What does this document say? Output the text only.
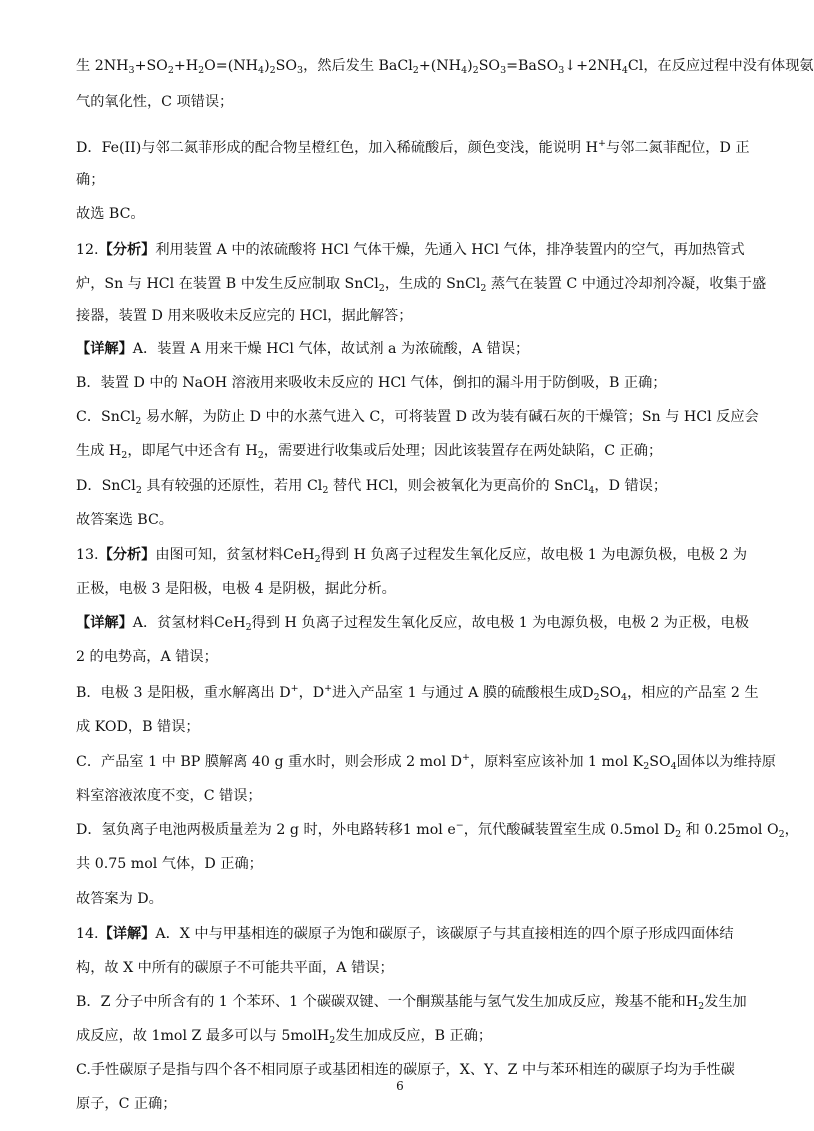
生 $2NH_3+SO_2+H_2O=(NH_4)_2SO_3$，然后发生 $BaCl_2+(NH_4)_2SO_3=BaSO_3↓+2NH_4Cl$，在反应过程中没有体现氨
气的氧化性，C 项错误；
D．Fe(II)与邻二氮菲形成的配合物呈橙红色，加入稀硫酸后，颜色变浅，能说明 H+与邻二氮菲配位，D 正
确；
故选 BC。
12.【分析】利用装置 A 中的浓硫酸将 HCl 气体干燥，先通入 HCl 气体，排净装置内的空气，再加热管式
炉，Sn 与 HCl 在装置 B 中发生反应制取 SnCl$_2$，生成的 SnCl$_2$ 蒸气在装置 C 中通过冷却剂冷凝，收集于盛
接器，装置 D 用来吸收未反应完的 HCl，据此解答；
【详解】A．装置 A 用来干燥 HCl 气体，故试剂 a 为浓硫酸，A 错误；
B．装置 D 中的 NaOH 溶液用来吸收未反应的 HCl 气体，倒扣的漏斗用于防倒吸，B 正确；
C．SnCl$_2$ 易水解，为防止 D 中的水蒸气进入 C，可将装置 D 改为装有碱石灰的干燥管；Sn 与 HCl 反应会
生成 $H_2$，即尾气中还含有 $H_2$，需要进行收集或后处理；因此该装置存在两处缺陷，C 正确；
D．SnCl$_2$ 具有较强的还原性，若用 $Cl_2$ 替代 HCl，则会被氧化为更高价的 SnCl$_4$，D 错误；
故答案选 BC。
13.【分析】由图可知，贫氢材料CeH$_2$得到 H 负离子过程发生氧化反应，故电极 1 为电源负极，电极 2 为
正极，电极 3 是阳极，电极 4 是阴极，据此分析。
【详解】A．贫氢材料CeH$_2$得到 H 负离子过程发生氧化反应，故电极 1 为电源负极，电极 2 为正极，电极
2 的电势高，A 错误；
B．电极 3 是阳极，重水解离出 D+，D+进入产品室 1 与通过 A 膜的硫酸根生成$D_2SO_4$，相应的产品室 2 生
成 KOD，B 错误；
C．产品室 1 中 BP 膜解离 40 g 重水时，则会形成 2 mol D+，原料室应该补加 1 mol $K_2SO_4$固体以为维持原
料室溶液浓度不变，C 错误；
D．氢负离子电池两极质量差为 2 g 时，外电路转移1 mol e−，氘代酸碱装置室生成 0.5mol $D_2$ 和 0.25mol $O_2$，
共 0.75 mol 气体，D 正确；
故答案为 D。
14.【详解】A．X 中与甲基相连的碳原子为饱和碳原子，该碳原子与其直接相连的四个原子形成四面体结
构，故 X 中所有的碳原子不可能共平面，A 错误；
B．Z 分子中所含有的 1 个苯环、1 个碳碳双键、一个酮羰基能与氢气发生加成反应，羧基不能和$H_2$发生加
成反应，故 1mol Z 最多可以与 5molH$_2$发生加成反应，B 正确；
C.手性碳原子是指与四个各不相同原子或基团相连的碳原子，X、Y、Z 中与苯环相连的碳原子均为手性碳
原子，C 正确；
6
